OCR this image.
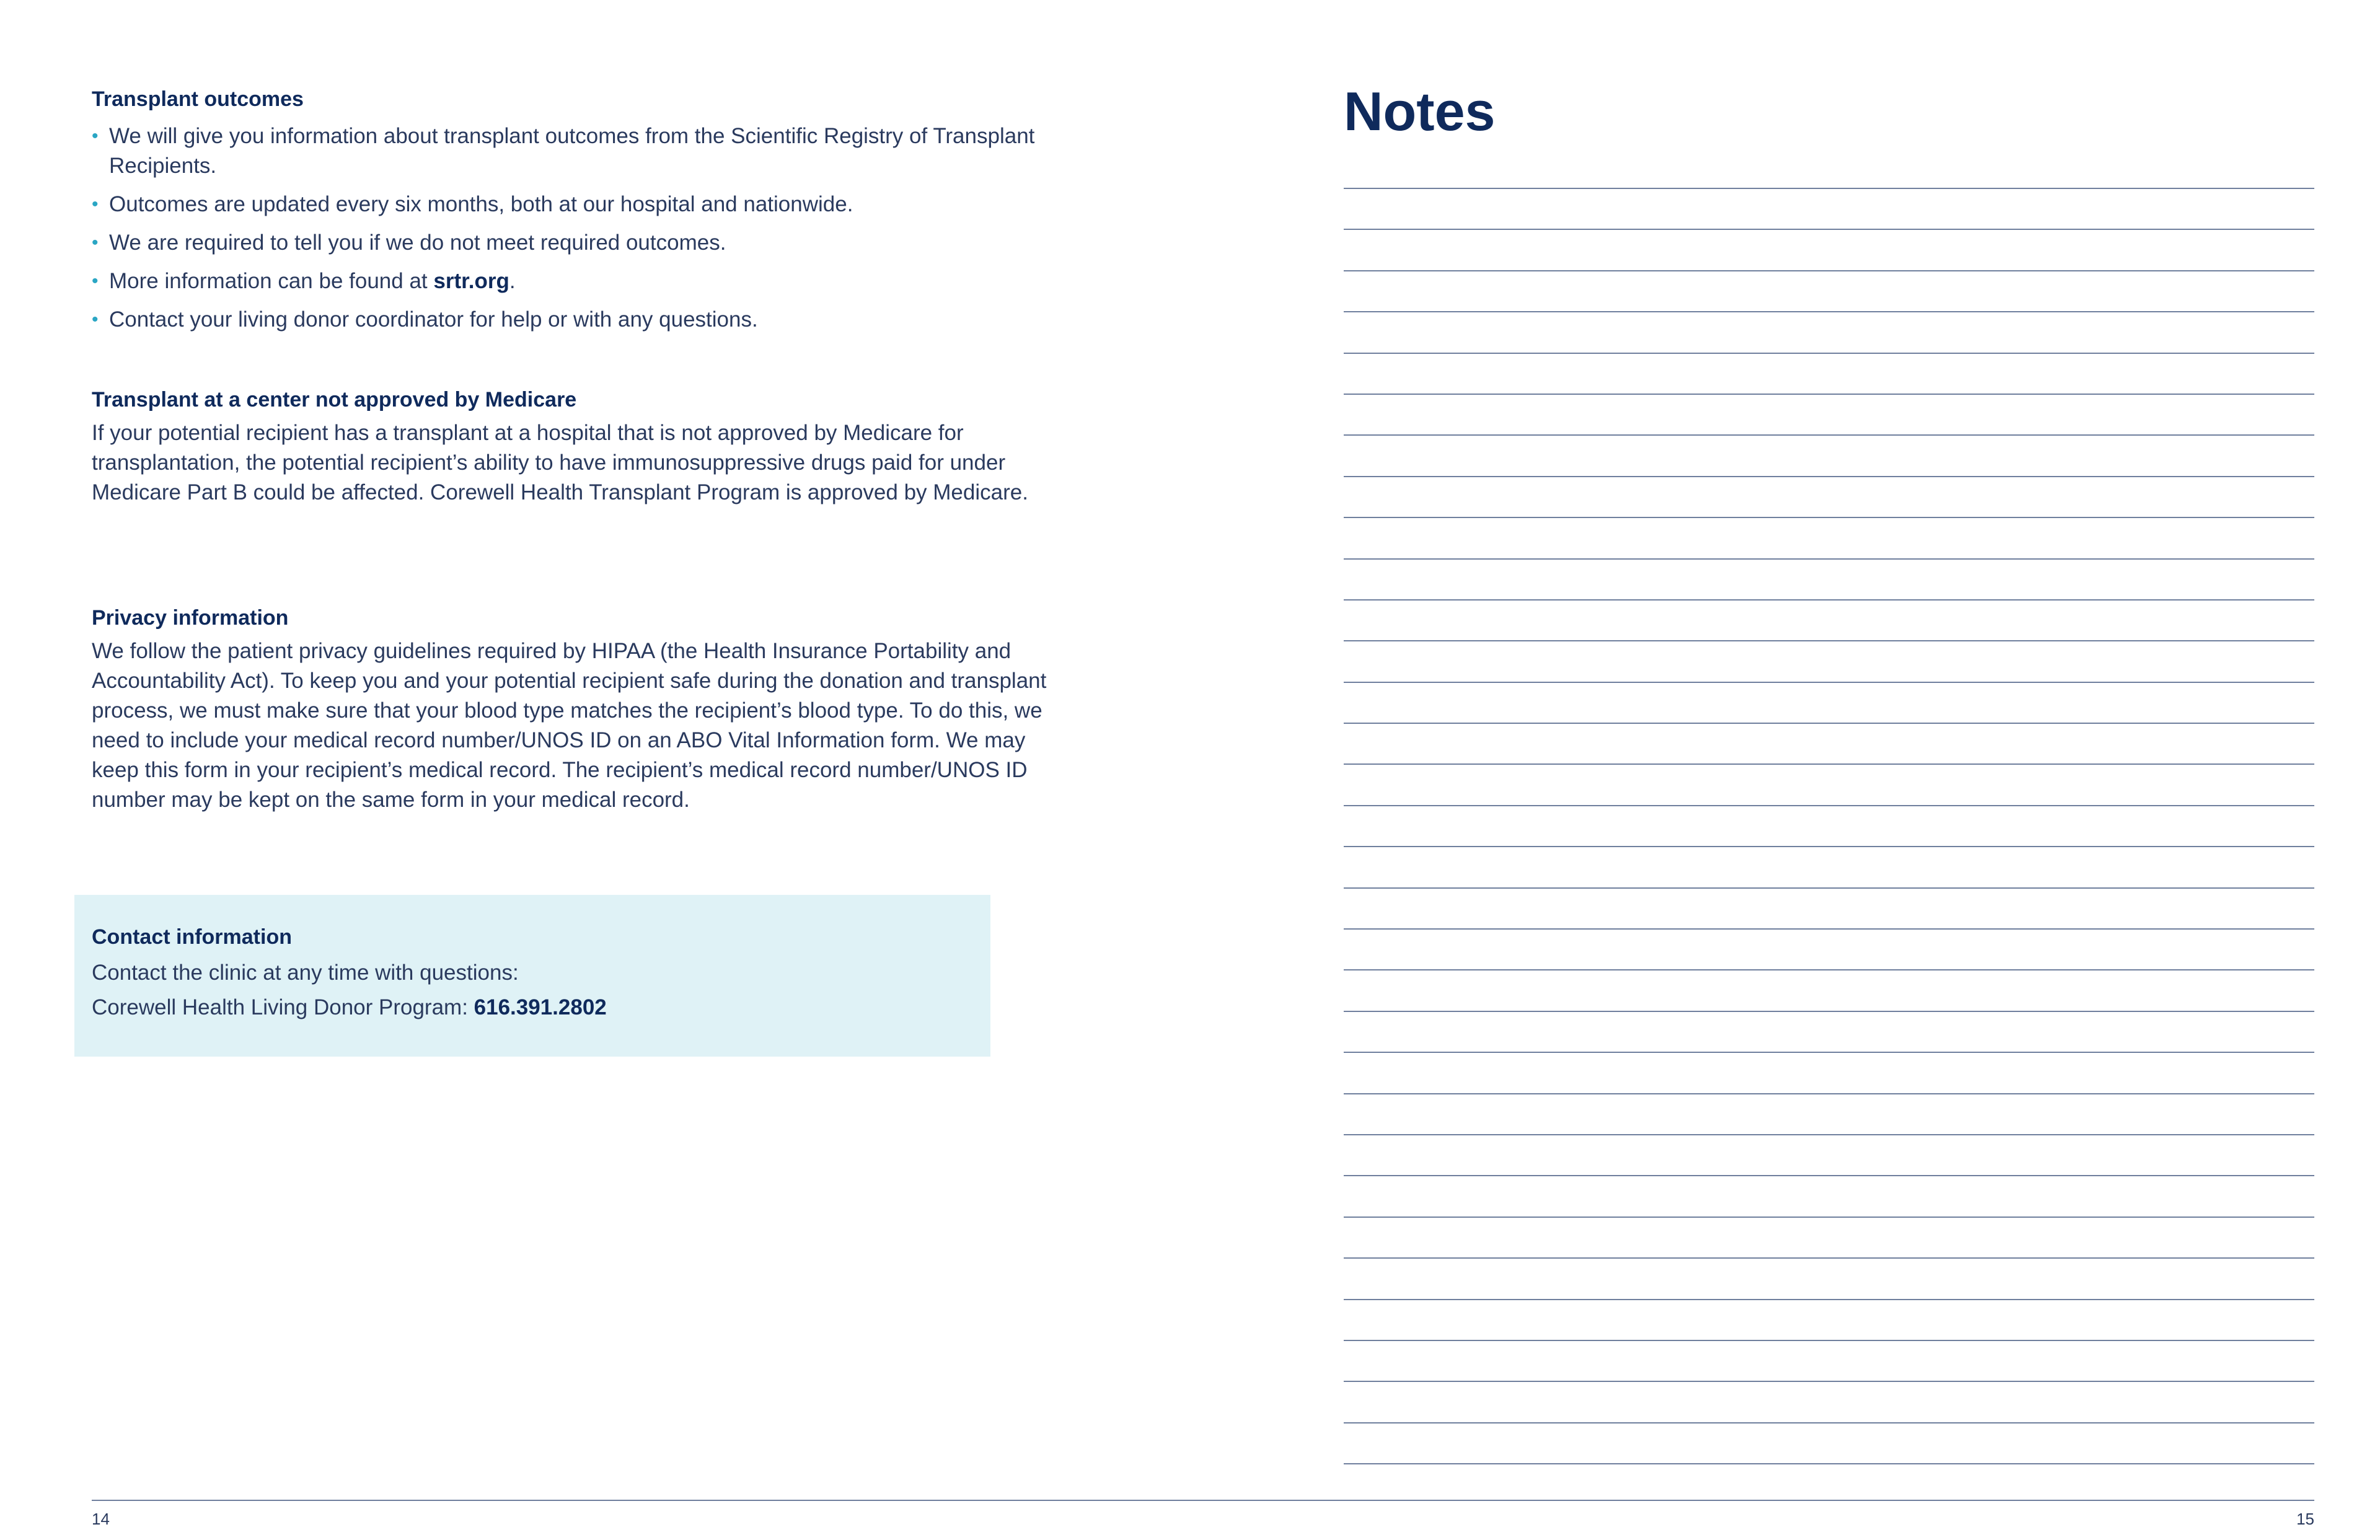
Transplant outcomes
• We will give you information about transplant outcomes from the Scientific Registry of Transplant Recipients.
• Outcomes are updated every six months, both at our hospital and nationwide.
• We are required to tell you if we do not meet required outcomes.
• More information can be found at srtr.org.
• Contact your living donor coordinator for help or with any questions.
Transplant at a center not approved by Medicare

If your potential recipient has a transplant at a hospital that is not approved by Medicare for transplantation, the potential recipient’s ability to have immunosuppressive drugs paid for under Medicare Part B could be affected. Corewell Health Transplant Program is approved by Medicare.

Privacy information

We follow the patient privacy guidelines required by HIPAA (the Health Insurance Portability and Accountability Act). To keep you and your potential recipient safe during the donation and transplant process, we must make sure that your blood type matches the recipient’s blood type. To do this, we need to include your medical record number/UNOS ID on an ABO Vital Information form. We may keep this form in your recipient’s medical record. The recipient’s medical record number/UNOS ID number may be kept on the same form in your medical record.

Contact information

Contact the clinic at any time with questions:

Corewell Health Living Donor Program: 616.391.2802

Notes
14	15
